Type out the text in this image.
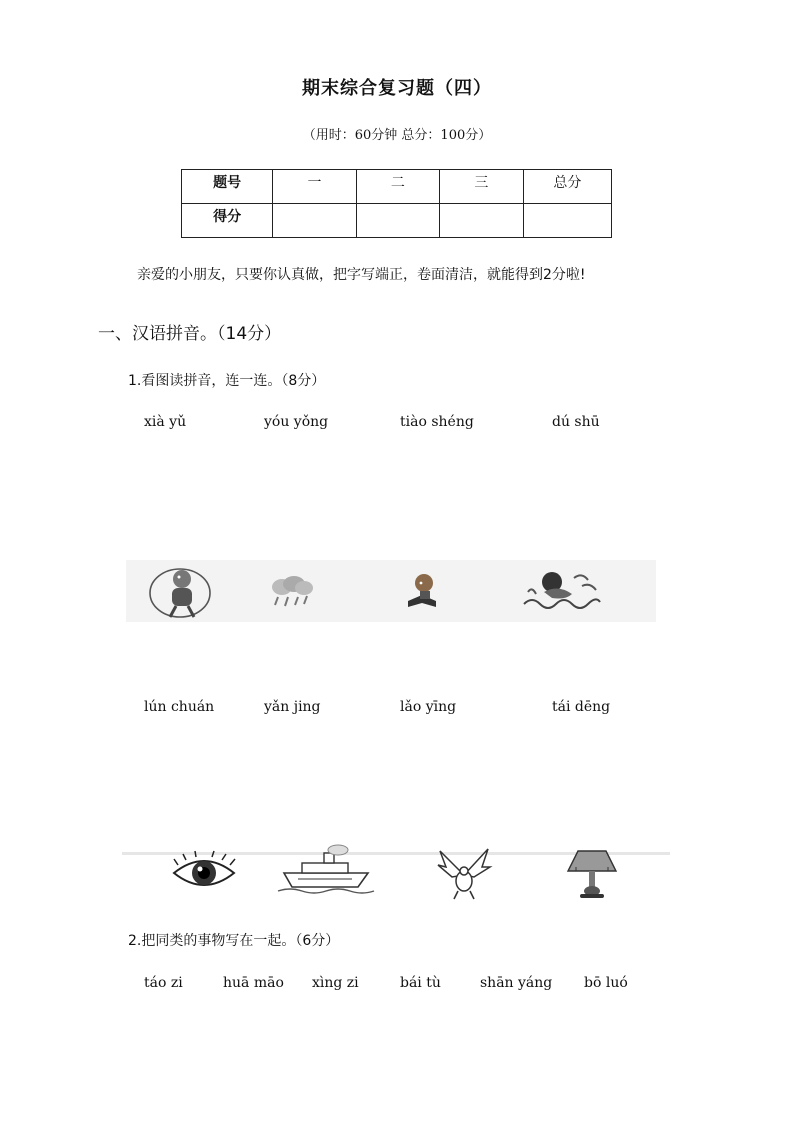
期末综合复习题（四）
（用时：60分钟 总分：100分）
题号	一	二	三	总分
得分				
亲爱的小朋友，只要你认真做，把字写端正，卷面清洁，就能得到2分啦!
一、汉语拼音。（14分）
1.看图读拼音，连一连。（8分）
xià yǔ	yóu yǒng	tiào shéng	dú shū
lún chuán	yǎn jing	lǎo yīng	tái dēng
2.把同类的事物写在一起。（6分）
táo zi	huā māo xìng zi	bái tù	shān yáng bō luó
